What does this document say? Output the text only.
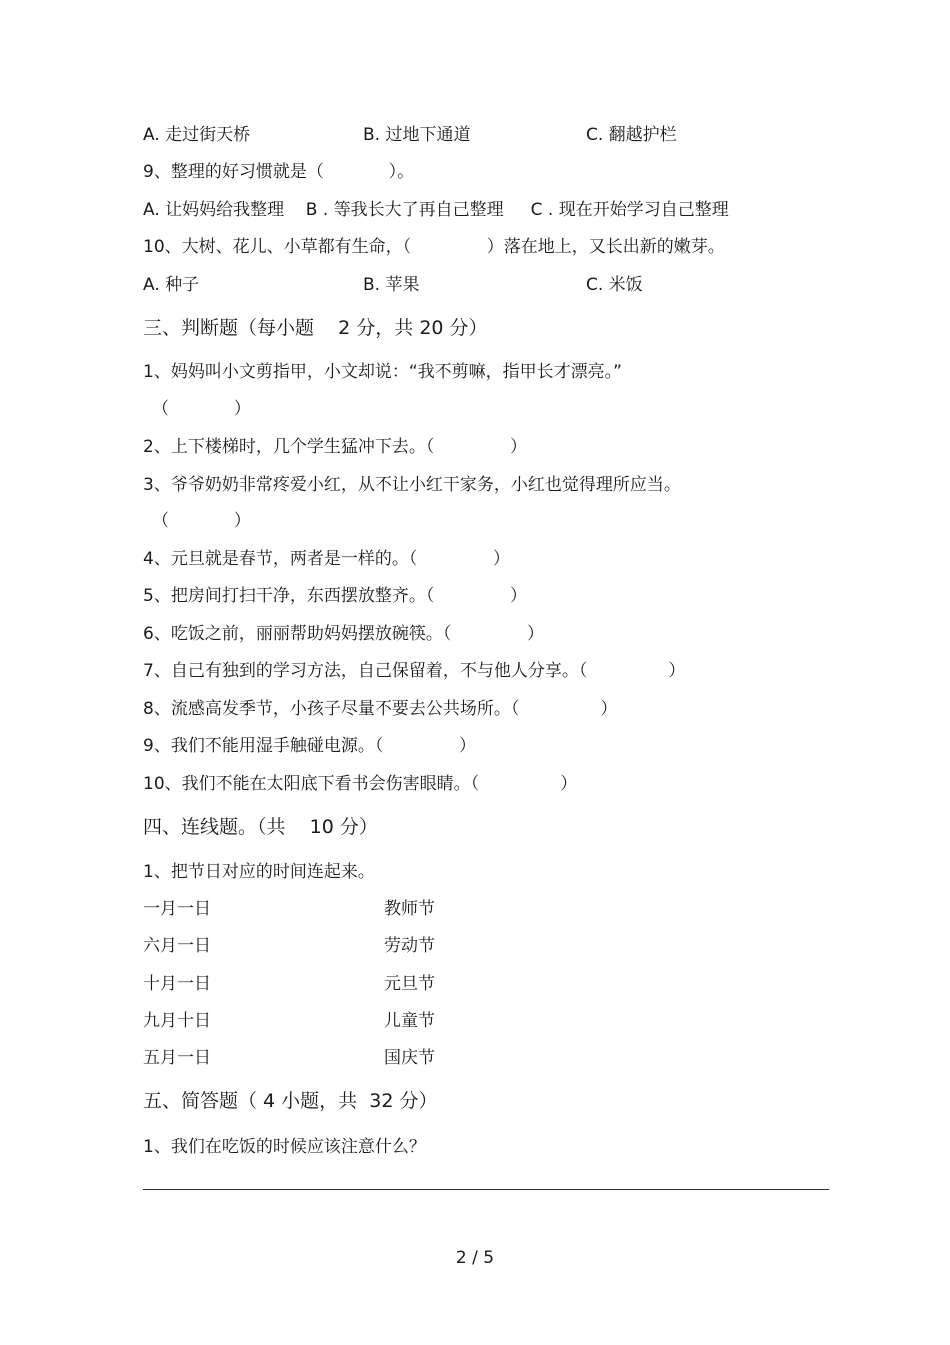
A. 走过街天桥	B. 过地下通道	C. 翻越护栏
9、整理的好习惯就是（            ）。
A. 让妈妈给我整理    B . 等我长大了再自己整理     C . 现在开始学习自己整理
10、大树、花儿、小草都有生命，（              ）落在地上，又长出新的嫩芽。
A. 种子	B. 苹果	C. 米饭
三、判断题（每小题    2 分，共 20 分）
1、妈妈叫小文剪指甲，小文却说：“我不剪嘛，指甲长才漂亮。”
（            ）
2、上下楼梯时，几个学生猛冲下去。（              ）
3、爷爷奶奶非常疼爱小红，从不让小红干家务，小红也觉得理所应当。
（            ）
4、元旦就是春节，两者是一样的。（              ）
5、把房间打扫干净，东西摆放整齐。（              ）
6、吃饭之前，丽丽帮助妈妈摆放碗筷。（              ）
7、自己有独到的学习方法，自己保留着，不与他人分享。（               ）
8、流感高发季节，小孩子尽量不要去公共场所。（               ）
9、我们不能用湿手触碰电源。（              ）
10、我们不能在太阳底下看书会伤害眼睛。（               ）
四、连线题。（共    10 分）
1、把节日对应的时间连起来。
一月一日	教师节
六月一日	劳动节
十月一日	元旦节
九月十日	儿童节
五月一日	国庆节
五、简答题（ 4 小题，共  32 分）
1、我们在吃饭的时候应该注意什么？
2 / 5
